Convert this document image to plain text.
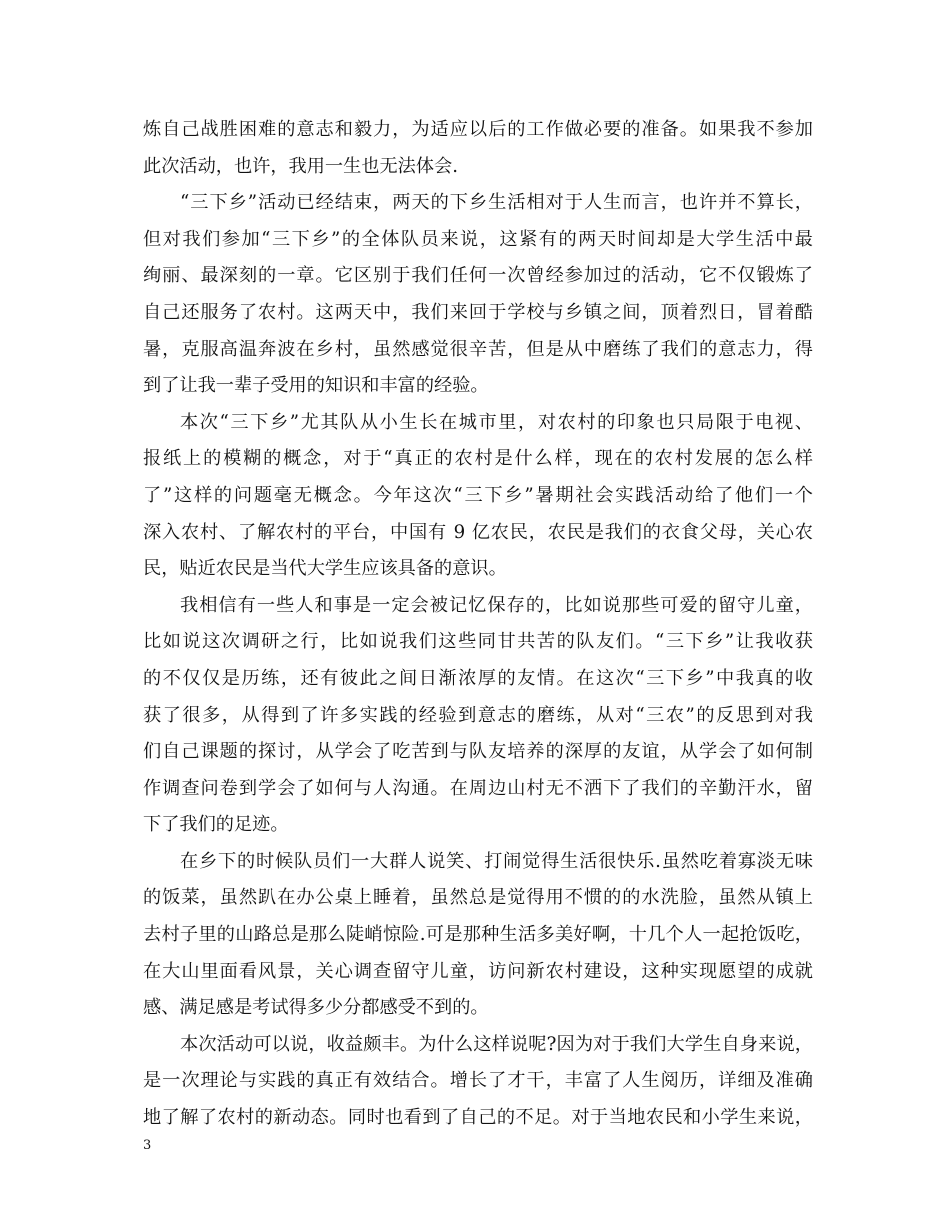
炼自己战胜困难的意志和毅力，为适应以后的工作做必要的准备。如果我不参加
此次活动，也许，我用一生也无法体会.
“三下乡”活动已经结束，两天的下乡生活相对于人生而言，也许并不算长，
但对我们参加“三下乡”的全体队员来说，这紧有的两天时间却是大学生活中最
绚丽、最深刻的一章。它区别于我们任何一次曾经参加过的活动，它不仅锻炼了
自己还服务了农村。这两天中，我们来回于学校与乡镇之间，顶着烈日，冒着酷
暑，克服高温奔波在乡村，虽然感觉很辛苦，但是从中磨练了我们的意志力，得
到了让我一辈子受用的知识和丰富的经验。
本次“三下乡”尤其队从小生长在城市里，对农村的印象也只局限于电视、
报纸上的模糊的概念，对于“真正的农村是什么样，现在的农村发展的怎么样
了”这样的问题毫无概念。今年这次“三下乡”暑期社会实践活动给了他们一个
深入农村、了解农村的平台，中国有 9 亿农民，农民是我们的衣食父母，关心农
民，贴近农民是当代大学生应该具备的意识。
我相信有一些人和事是一定会被记忆保存的，比如说那些可爱的留守儿童，
比如说这次调研之行，比如说我们这些同甘共苦的队友们。“三下乡”让我收获
的不仅仅是历练，还有彼此之间日渐浓厚的友情。在这次“三下乡”中我真的收
获了很多，从得到了许多实践的经验到意志的磨练，从对“三农”的反思到对我
们自己课题的探讨，从学会了吃苦到与队友培养的深厚的友谊，从学会了如何制
作调查问卷到学会了如何与人沟通。在周边山村无不洒下了我们的辛勤汗水，留
下了我们的足迹。
在乡下的时候队员们一大群人说笑、打闹觉得生活很快乐.虽然吃着寡淡无味
的饭菜，虽然趴在办公桌上睡着，虽然总是觉得用不惯的的水洗脸，虽然从镇上
去村子里的山路总是那么陡峭惊险.可是那种生活多美好啊，十几个人一起抢饭吃，
在大山里面看风景，关心调查留守儿童，访问新农村建设，这种实现愿望的成就
感、满足感是考试得多少分都感受不到的。
本次活动可以说，收益颇丰。为什么这样说呢?因为对于我们大学生自身来说，
是一次理论与实践的真正有效结合。增长了才干，丰富了人生阅历，详细及准确
地了解了农村的新动态。同时也看到了自己的不足。对于当地农民和小学生来说，
3
